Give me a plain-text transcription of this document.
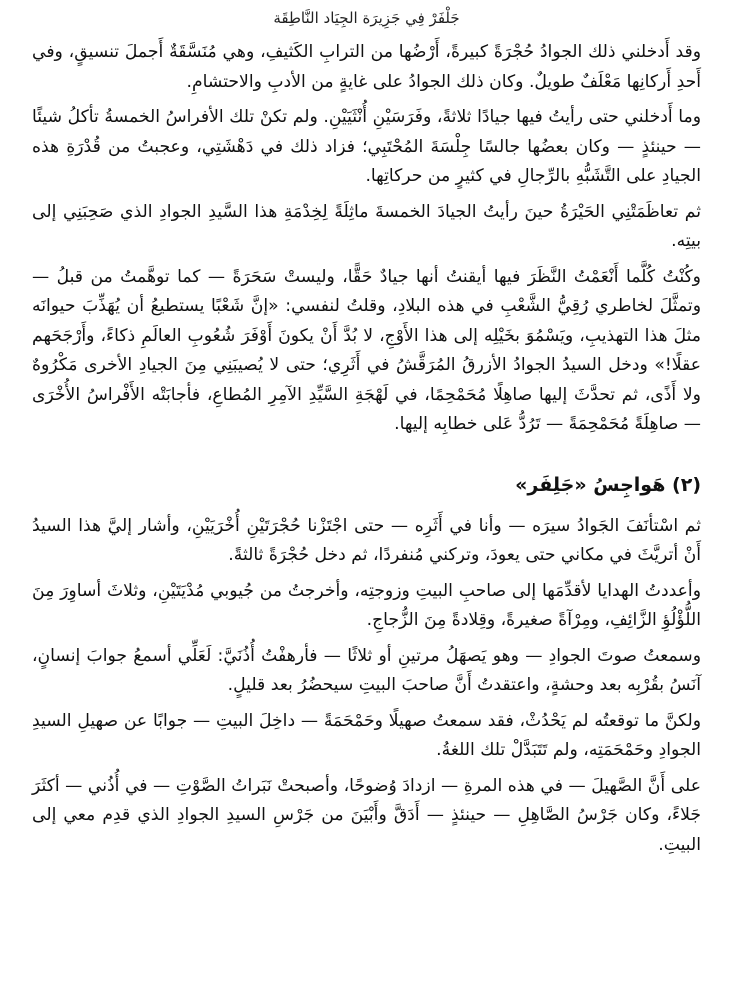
جَلْفَرْ فِي جَزِيرَة الجِيَاد النَّاطِقَة

وقد أَدخلني ذلك الجوادُ حُجْرَةً كبيرةً، أَرْضُها من الترابِ الكَثيفِ، وهي مُنَسَّقَةٌ أَجملَ تنسيقٍ، وفي أَحدِ أَركانِها مَعْلَفٌ طويلٌ. وكان ذلك الجوادُ على غايةٍ من الأدبِ والاحتشامِ.

وما أَدخلني حتى رأيتُ فيها جيادًا ثلاثةً، وفَرَسَيْنِ أُنْثَيَيْنِ. ولم تكنْ تلك الأفراسُ الخمسةُ تأكلُ شيئًا — حينئذٍ — وكان بعضُها جالسًا جِلْسَةَ المُحْتَبِي؛ فزاد ذلك في دَهْشَتِي، وعجبتُ من قُدْرَةِ هذه الجيادِ على التَّشَبُّهِ بالرِّجالِ في كثيرٍ من حركاتِها.

ثم تعاظَمَتْنِي الحَيْرَةُ حينَ رأيتُ الجيادَ الخمسةَ ماثِلَةً لِخِدْمَةِ هذا السَّيدِ الجوادِ الذي صَحِبَنِي إلى بيتِه.

وكُنْتُ كُلَّما أَنْعَمْتُ النَّظَرَ فيها أيقنتُ أنها جيادٌ حَقًّا، وليستْ سَحَرَةً — كما توهَّمتُ من قبلُ — وتمثَّلَ لخاطري رُقِيُّ الشَّعْبِ في هذه البلادِ، وقلتُ لنفسي: «إنَّ شَعْبًا يستطيعُ أن يُهَذِّبَ حيوانَه مثلَ هذا التهذيبِ، ويَسْمُوَ بخَيْلِه إلى هذا الأَوْجِ، لا بُدَّ أَنْ يكونَ أَوْفَرَ شُعُوبِ العالَمِ ذكاءً، وأَرْجَحَهم عقلًا!» ودخل السيدُ الجوادُ الأزرقُ المُرَقَّشُ في أَثَرِي؛ حتى لا يُصيبَنِي مِنَ الجيادِ الأخرى مَكْرُوهٌ ولا أَذًى، ثم تحدَّثَ إليها صاهِلًا مُحَمْحِمًا، في لَهْجَةِ السَّيِّدِ الآمِرِ المُطاعِ، فأجابَتْه الأَفْراسُ الأُخْرَى — صاهِلَةً مُحَمْحِمَةً — تَرُدُّ عَلى خطابِه إليها.

(٢) هَواجِسُ «جَلِفَر»

ثم اسْتأنَفَ الجَوادُ سيرَه — وأنا في أَثَرِه — حتى اجْتَزْنا حُجْرَتَيْنِ أُخْرَيَيْنِ، وأشار إليَّ هذا السيدُ أَنْ أتريَّثَ في مكاني حتى يعودَ، وتركني مُنفردًا، ثم دخل حُجْرَةً ثالثةً.

وأعددتُ الهدايا لأقدِّمَها إلى صاحبِ البيتِ وزوجتِه، وأخرجتُ من جُيوبي مُدْيَتَيْنِ، وثلاثَ أساوِرَ مِنَ اللُّؤْلُؤِ الزَّائِفِ، ومِرْآةً صغيرةً، وقِلادةً مِنَ الزُّجاجِ.

وسمعتُ صوتَ الجوادِ — وهو يَصهَلُ مرتينِ أو ثلاثًا — فأرهفْتُ أُذُنَيَّ: لَعَلِّي أسمعُ جوابَ إنسانٍ، آنَسُ بقُرْبِه بعد وحشةٍ، واعتقدتُ أَنَّ صاحبَ البيتِ سيحضُرُ بعد قليلٍ.

ولكنَّ ما توقعتُه لم يَحْدُثْ، فقد سمعتُ صهيلًا وحَمْحَمَةً — داخِلَ البيتِ — جوابًا عن صهيلِ السيدِ الجوادِ وحَمْحَمَتِه، ولم تَتَبَدَّلْ تلك اللغةُ.

على أَنَّ الصَّهيلَ — في هذه المرةِ — ازدادَ وُضوحًا، وأصبحتْ نَبَراتُ الصَّوْتِ — في أُذُني — أكثَرَ جَلاءً، وكان جَرْسُ الصَّاهِلِ — حينئذٍ — أَدَقَّ وأَبْيَنَ من جَرْسِ السيدِ الجوادِ الذي قدِم معي إلى البيتِ.
